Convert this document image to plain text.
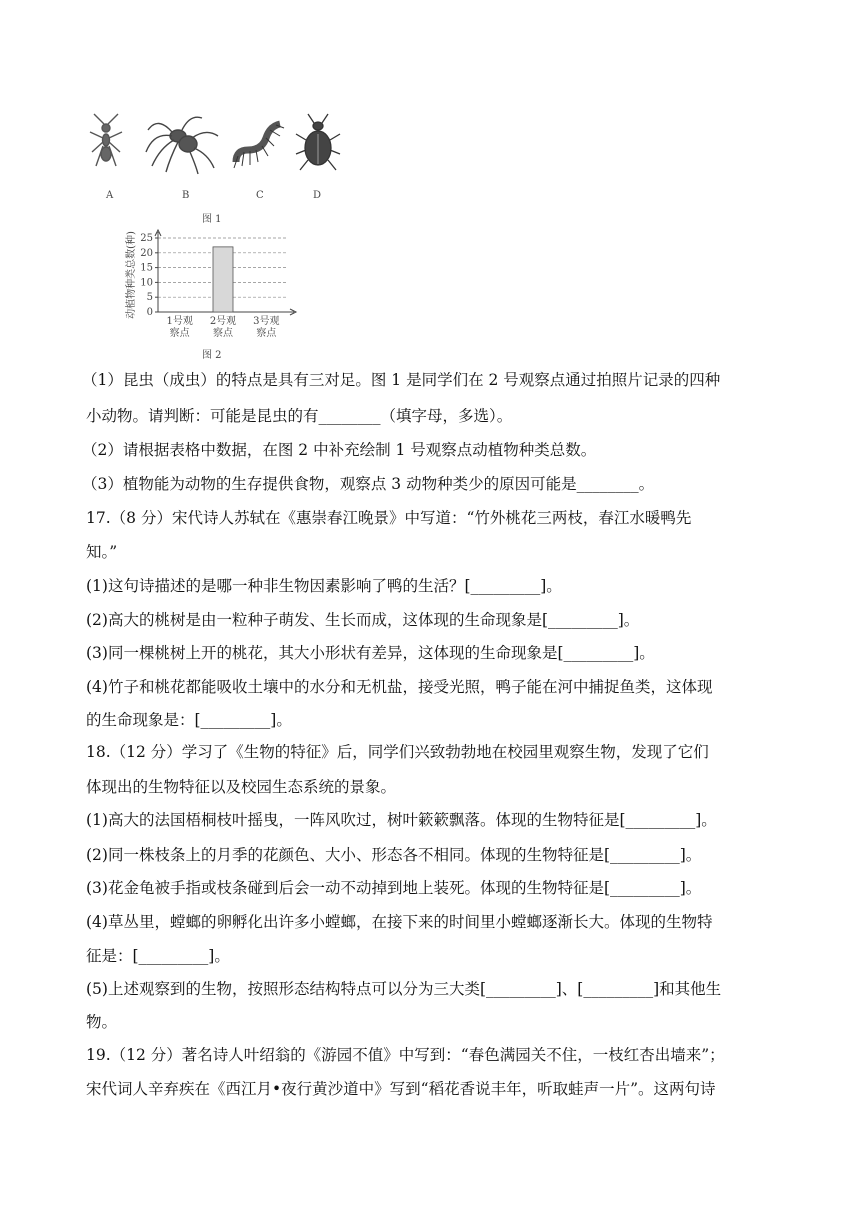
A	B	C	D
图 1
动植物种类总数(种) 0
5
10
15
20
25
1号观
察点
2号观
察点
3号观
察点
图 2
（1）昆虫（成虫）的特点是具有三对足。图 1 是同学们在 2 号观察点通过拍照片记录的四种
小动物。请判断：可能是昆虫的有________（填字母，多选）。
（2）请根据表格中数据，在图 2 中补充绘制 1 号观察点动植物种类总数。
（3）植物能为动物的生存提供食物，观察点 3 动物种类少的原因可能是________。
17.（8 分）宋代诗人苏轼在《惠崇春江晚景》中写道：“竹外桃花三两枝，春江水暖鸭先
知。”
(1)这句诗描述的是哪一种非生物因素影响了鸭的生活？[_________]。
(2)高大的桃树是由一粒种子萌发、生长而成，这体现的生命现象是[_________]。
(3)同一棵桃树上开的桃花，其大小形状有差异，这体现的生命现象是[_________]。
(4)竹子和桃花都能吸收土壤中的水分和无机盐，接受光照，鸭子能在河中捕捉鱼类，这体现
的生命现象是：[_________]。
18.（12 分）学习了《生物的特征》后，同学们兴致勃勃地在校园里观察生物，发现了它们
体现出的生物特征以及校园生态系统的景象。
(1)高大的法国梧桐枝叶摇曳，一阵风吹过，树叶簌簌飘落。体现的生物特征是[_________]。
(2)同一株枝条上的月季的花颜色、大小、形态各不相同。体现的生物特征是[_________]。
(3)花金龟被手指或枝条碰到后会一动不动掉到地上装死。体现的生物特征是[_________]。
(4)草丛里，螳螂的卵孵化出许多小螳螂，在接下来的时间里小螳螂逐渐长大。体现的生物特
征是：[_________]。
(5)上述观察到的生物，按照形态结构特点可以分为三大类[_________]、[_________]和其他生
物。
19.（12 分）著名诗人叶绍翁的《游园不值》中写到：“春色满园关不住，一枝红杏出墙来”；
宋代词人辛弃疾在《西江月•夜行黄沙道中》写到“稻花香说丰年，听取蛙声一片”。这两句诗
